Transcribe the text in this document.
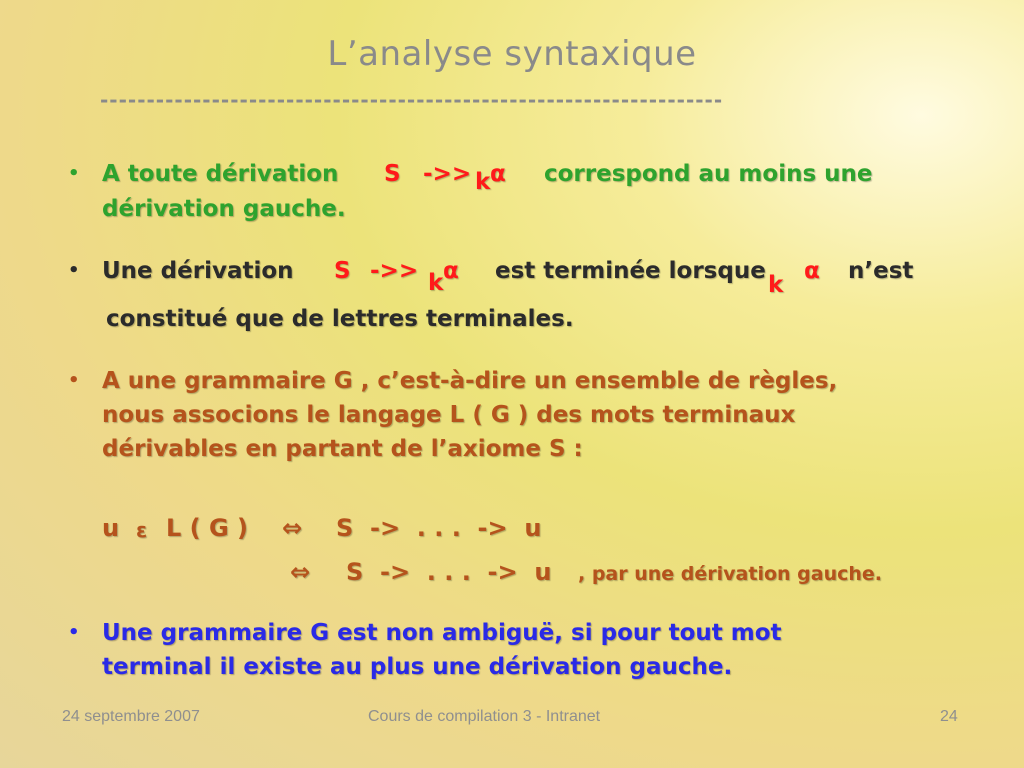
L’analyse syntaxique
-------------------------------------------------------------------
• A toute dérivation S ->> k α correspond au moins une
dérivation gauche.
• Une dérivation S ->> k α est terminée lorsque
k
α n’est
constitué que de lettres terminales.
• A une grammaire G , c’est-à-dire un ensemble de règles,
nous associons le langage L ( G ) des mots terminaux
dérivables en partant de l’axiome S :
u ε L ( G ) ⇔ S  ->  . . .  ->  u
⇔ S  ->  . . .  ->  u , par une dérivation gauche.
• Une grammaire G est non ambiguë, si pour tout mot
terminal il existe au plus une dérivation gauche.
24 septembre 2007	Cours de compilation 3 - Intranet	24
